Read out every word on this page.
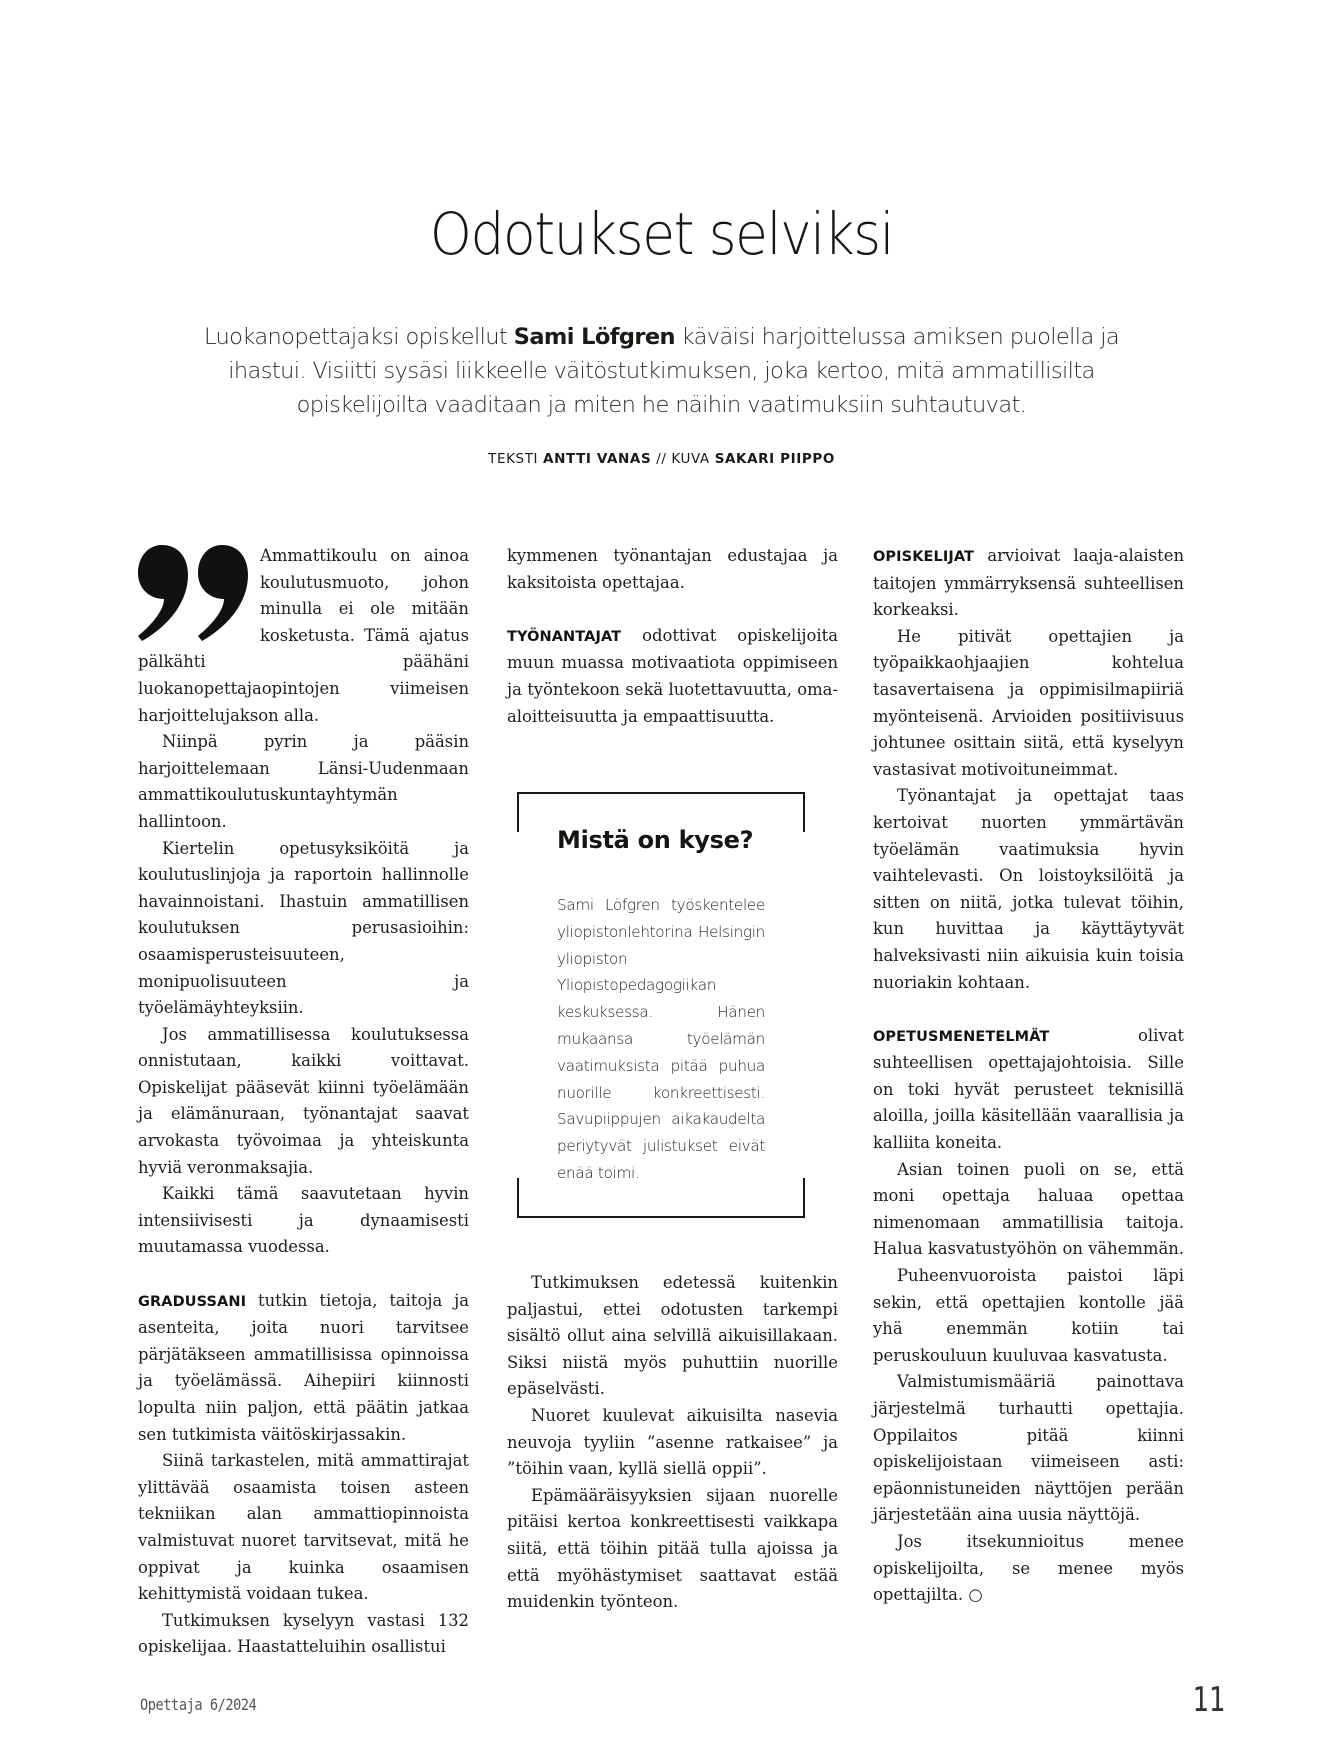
Odotukset selviksi
Luokanopettajaksi opiskellut Sami Löfgren käväisi harjoittelussa amiksen puolella ja ihastui. Visiitti sysäsi liikkeelle väitöstutkimuksen, joka kertoo, mitä ammatillisilta opiskelijoilta vaaditaan ja miten he näihin vaatimuksiin suhtautuvat.
TEKSTI ANTTI VANAS // KUVA SAKARI PIIPPO

Ammattikoulu on ainoa koulutusmuoto, johon minulla ei ole mitään kosketusta. Tämä ajatus pälkähti päähäni luokanopettajaopintojen viimeisen harjoittelujakson alla.

Niinpä pyrin ja pääsin harjoittelemaan Länsi-Uudenmaan ammattikoulutuskuntayhtymän hallintoon.

Kiertelin opetusyksiköitä ja koulutuslinjoja ja raportoin hallinnolle havainnoistani. Ihastuin ammatillisen koulutuksen perusasioihin: osaamisperusteisuuteen, monipuolisuuteen ja työelämäyhteyksiin.

Jos ammatillisessa koulutuksessa onnistutaan, kaikki voittavat. Opiskelijat pääsevät kiinni työelämään ja elämänuraan, työnantajat saavat arvokasta työvoimaa ja yhteiskunta hyviä veronmaksajia.

Kaikki tämä saavutetaan hyvin intensiivisesti ja dynaamisesti muutamassa vuodessa.

GRADUSSANI tutkin tietoja, taitoja ja asenteita, joita nuori tarvitsee pärjätäkseen ammatillisissa opinnoissa ja työelämässä. Aihepiiri kiinnosti lopulta niin paljon, että päätin jatkaa sen tutkimista väitöskirjassakin.

Siinä tarkastelen, mitä ammattirajat ylittävää osaamista toisen asteen tekniikan alan ammattiopinnoista valmistuvat nuoret tarvitsevat, mitä he oppivat ja kuinka osaamisen kehittymistä voidaan tukea.

Tutkimuksen kyselyyn vastasi 132 opiskelijaa. Haastatteluihin osallistui

kymmenen työnantajan edustajaa ja kaksitoista opettajaa.

TYÖNANTAJAT odottivat opiskelijoita muun muassa motivaatiota oppimiseen ja työntekoon sekä luotettavuutta, oma-aloitteisuutta ja empaattisuutta.

Mistä on kyse?
Sami Löfgren työskentelee yliopistonlehtorina Helsingin yliopiston Yliopistopedagogiikan keskuksessa. Hänen mukaansa työelämän vaatimuksista pitää puhua nuorille konkreettisesti. Savupiippujen aikakaudelta periytyvät julistukset eivät enää toimi.

Tutkimuksen edetessä kuitenkin paljastui, ettei odotusten tarkempi sisältö ollut aina selvillä aikuisillakaan. Siksi niistä myös puhuttiin nuorille epäselvästi.

Nuoret kuulevat aikuisilta nasevia neuvoja tyyliin ”asenne ratkaisee” ja ”töihin vaan, kyllä siellä oppii”.

Epämääräisyyksien sijaan nuorelle pitäisi kertoa konkreettisesti vaikkapa siitä, että töihin pitää tulla ajoissa ja että myöhästymiset saattavat estää muidenkin työnteon.

OPISKELIJAT arvioivat laaja-alaisten taitojen ymmärryksensä suhteellisen korkeaksi.

He pitivät opettajien ja työpaikkaohjaajien kohtelua tasavertaisena ja oppimisilmapiiriä myönteisenä. Arvioiden positiivisuus johtunee osittain siitä, että kyselyyn vastasivat motivoituneimmat.

Työnantajat ja opettajat taas kertoivat nuorten ymmärtävän työelämän vaatimuksia hyvin vaihtelevasti. On loistoyksilöitä ja sitten on niitä, jotka tulevat töihin, kun huvittaa ja käyttäytyvät halveksivasti niin aikuisia kuin toisia nuoriakin kohtaan.

OPETUSMENETELMÄT olivat suhteellisen opettajajohtoisia. Sille on toki hyvät perusteet teknisillä aloilla, joilla käsitellään vaarallisia ja kalliita koneita.

Asian toinen puoli on se, että moni opettaja haluaa opettaa nimenomaan ammatillisia taitoja. Halua kasvatustyöhön on vähemmän.

Puheenvuoroista paistoi läpi sekin, että opettajien kontolle jää yhä enemmän kotiin tai peruskouluun kuuluvaa kasvatusta.

Valmistumismääriä painottava järjestelmä turhautti opettajia. Oppilaitos pitää kiinni opiskelijoistaan viimeiseen asti: epäonnistuneiden näyttöjen perään järjestetään aina uusia näyttöjä.

Jos itsekunnioitus menee opiskelijoilta, se menee myös opettajilta. ○

Opettaja 6/2024	11
